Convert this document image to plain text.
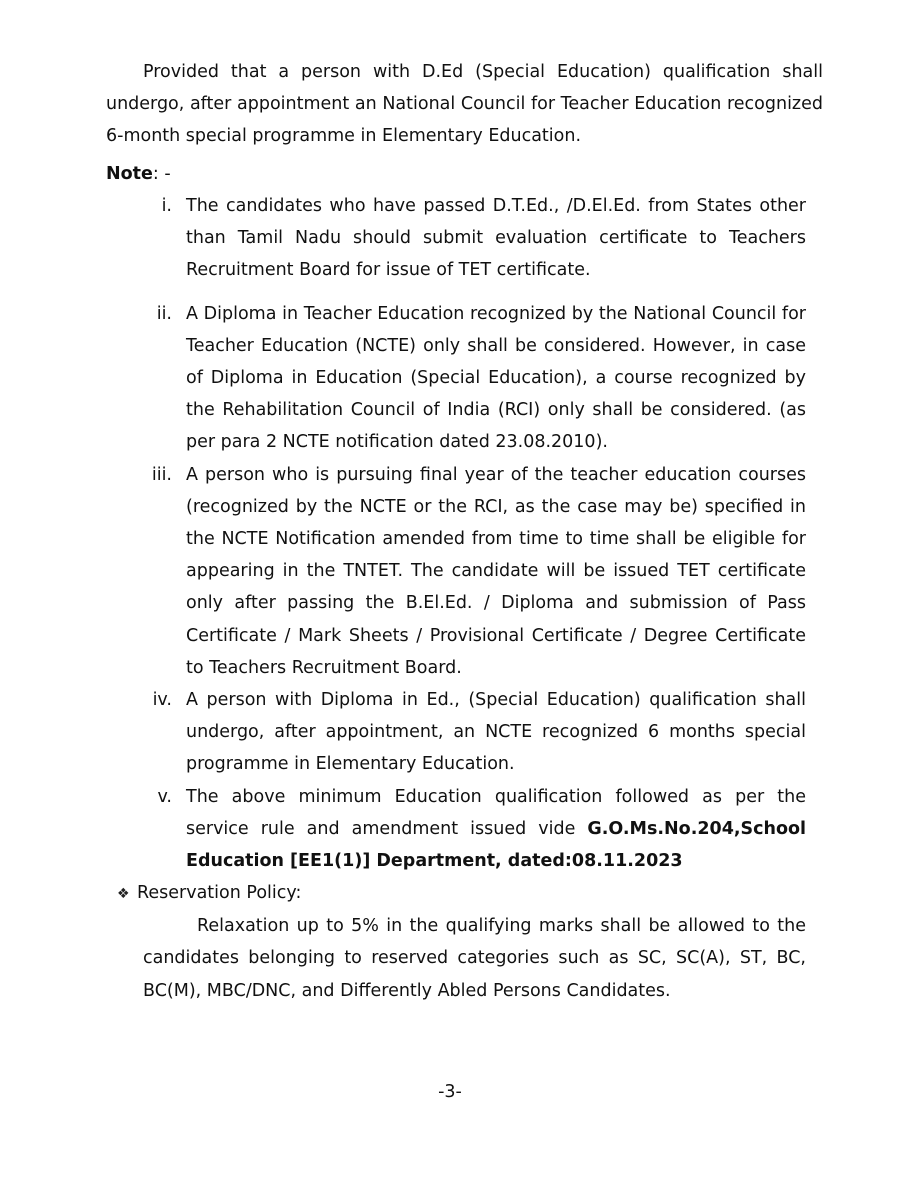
Provided that a person with D.Ed (Special Education) qualification shall undergo, after appointment an National Council for Teacher Education recognized 6-month special programme in Elementary Education.

Note: -

i. The candidates who have passed D.T.Ed., /D.El.Ed. from States other than Tamil Nadu should submit evaluation certificate to Teachers Recruitment Board for issue of TET certificate.
ii. A Diploma in Teacher Education recognized by the National Council for Teacher Education (NCTE) only shall be considered. However, in case of Diploma in Education (Special Education), a course recognized by the Rehabilitation Council of India (RCI) only shall be considered. (as per para 2 NCTE notification dated 23.08.2010).
iii. A person who is pursuing final year of the teacher education courses (recognized by the NCTE or the RCI, as the case may be) specified in the NCTE Notification amended from time to time shall be eligible for appearing in the TNTET. The candidate will be issued TET certificate only after passing the B.El.Ed. / Diploma and submission of Pass Certificate / Mark Sheets / Provisional Certificate / Degree Certificate to Teachers Recruitment Board.
iv. A person with Diploma in Ed., (Special Education) qualification shall undergo, after appointment, an NCTE recognized 6 months special programme in Elementary Education.
v. The above minimum Education qualification followed as per the service rule and amendment issued vide G.O.Ms.No.204,School Education [EE1(1)] Department, dated:08.11.2023

❖ Reservation Policy:

Relaxation up to 5% in the qualifying marks shall be allowed to the candidates belonging to reserved categories such as SC, SC(A), ST, BC, BC(M), MBC/DNC, and Differently Abled Persons Candidates.

-3-
